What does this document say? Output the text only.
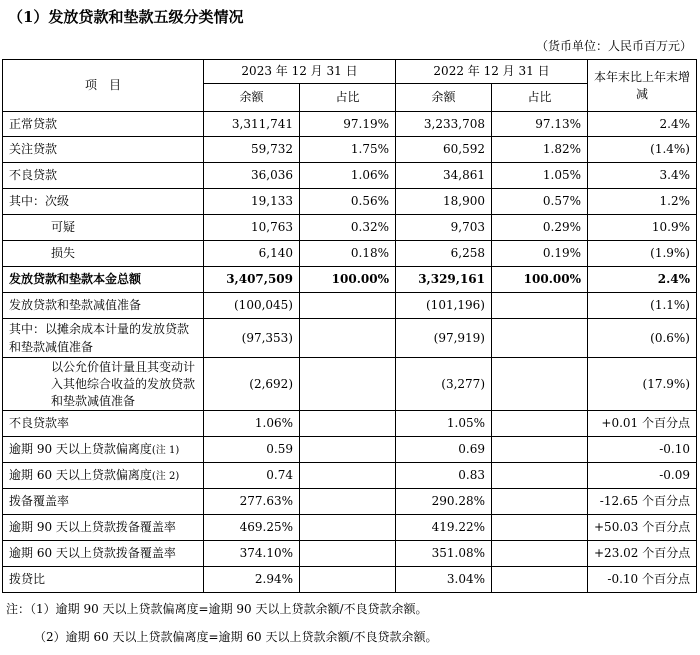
（1）发放贷款和垫款五级分类情况
（货币单位：人民币百万元）
项　目	2023 年 12 月 31 日		2022 年 12 月 31 日		本年末比上年末增减
	余额	占比	余额	占比	
正常贷款	3,311,741	97.19%	3,233,708	97.13%	2.4%
关注贷款	59,732	1.75%	60,592	1.82%	(1.4%)
不良贷款	36,036	1.06%	34,861	1.05%	3.4%
其中：次级	19,133	0.56%	18,900	0.57%	1.2%
可疑	10,763	0.32%	9,703	0.29%	10.9%
损失	6,140	0.18%	6,258	0.19%	(1.9%)
发放贷款和垫款本金总额	3,407,509	100.00%	3,329,161	100.00%	2.4%
发放贷款和垫款减值准备	(100,045)		(101,196)		(1.1%)
其中：以摊余成本计量的发放贷款和垫款减值准备	(97,353)		(97,919)		(0.6%)
以公允价值计量且其变动计入其他综合收益的发放贷款和垫款减值准备	(2,692)		(3,277)		(17.9%)
不良贷款率	1.06%		1.05%		+0.01 个百分点
逾期 90 天以上贷款偏离度(注 1)	0.59		0.69		-0.10
逾期 60 天以上贷款偏离度(注 2)	0.74		0.83		-0.09
拨备覆盖率	277.63%		290.28%		-12.65 个百分点
逾期 90 天以上贷款拨备覆盖率	469.25%		419.22%		+50.03 个百分点
逾期 60 天以上贷款拨备覆盖率	374.10%		351.08%		+23.02 个百分点
拨贷比	2.94%		3.04%		-0.10 个百分点
注：（1）逾期 90 天以上贷款偏离度=逾期 90 天以上贷款余额/不良贷款余额。
（2）逾期 60 天以上贷款偏离度=逾期 60 天以上贷款余额/不良贷款余额。
